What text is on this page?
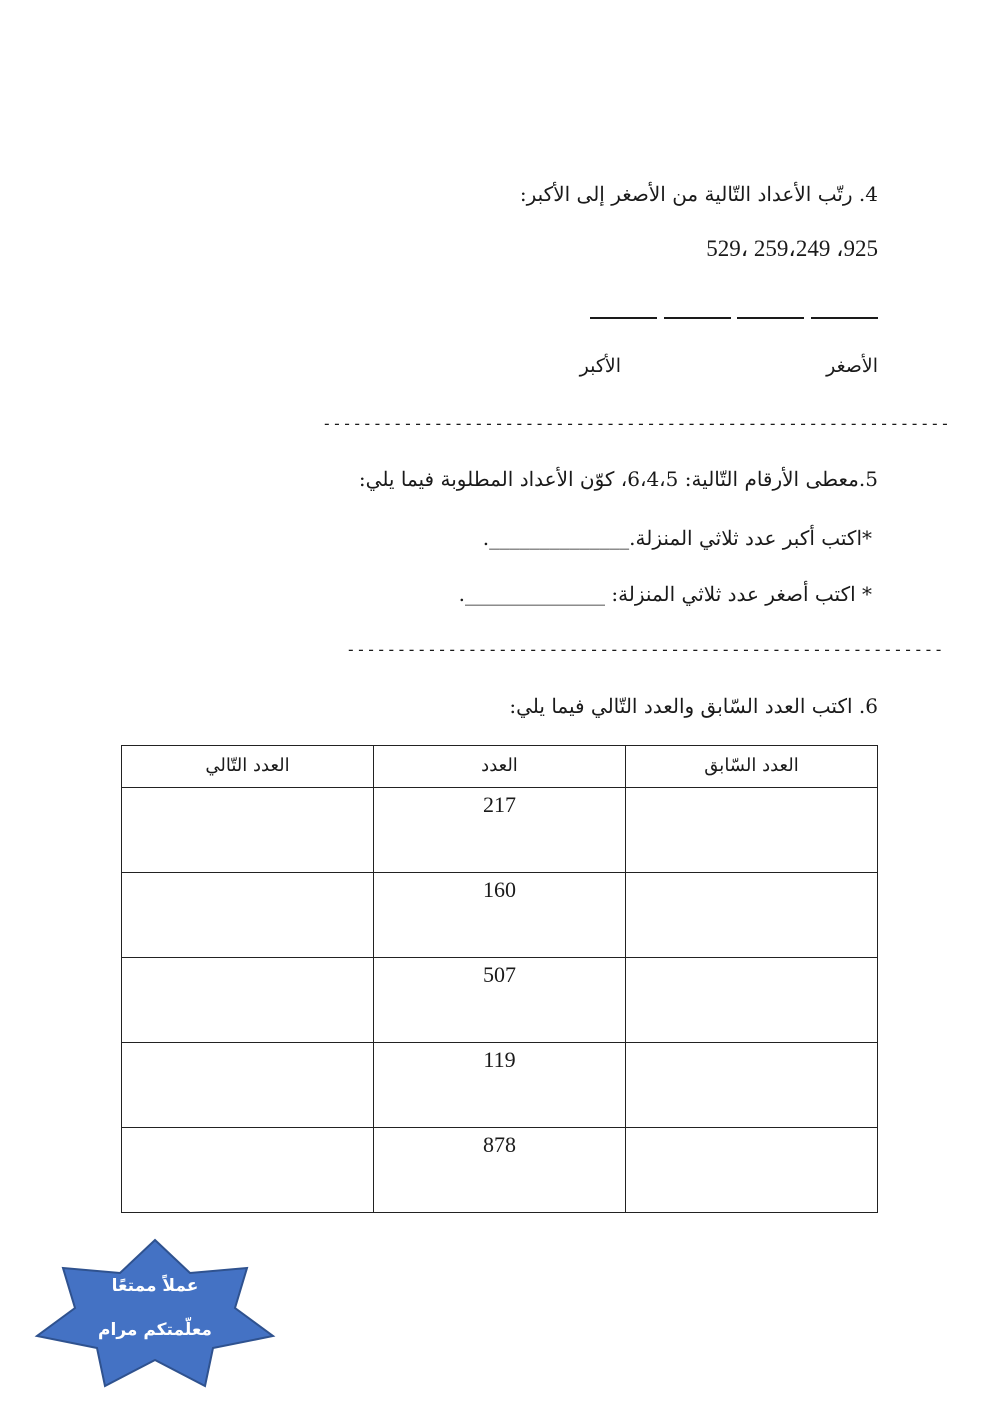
4. رتّب الأعداد التّالية من الأصغر إلى الأكبر:
529، 259،249 ،925
الأصغر
الأكبر
--------------------------------------------------------------
5.معطى الأرقام التّالية: 6،4،5، كوّن الأعداد المطلوبة فيما يلي:
*اكتب أكبر عدد ثلاثي المنزلة.______________.
* اكتب أصغر عدد ثلاثي المنزلة: ______________.
-----------------------------------------------------------
6. اكتب العدد السّابق والعدد التّالي فيما يلي:
العدد السّابق	العدد	العدد التّالي
	217	
	160	
	507	
	119	
	878	
عملاً ممتعًا
معلّمتكم مرام
